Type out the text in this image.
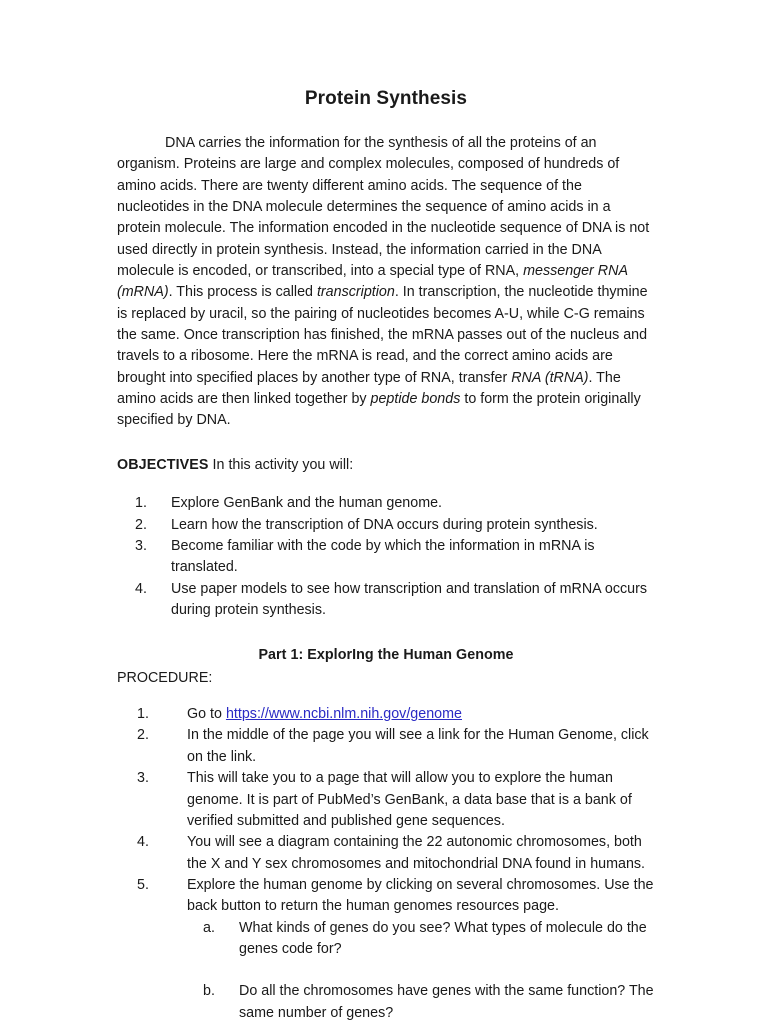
Protein Synthesis

DNA carries the information for the synthesis of all the proteins of an organism. Proteins are large and complex molecules, composed of hundreds of amino acids. There are twenty different amino acids. The sequence of the nucleotides in the DNA molecule determines the sequence of amino acids in a protein molecule. The information encoded in the nucleotide sequence of DNA is not used directly in protein synthesis. Instead, the information carried in the DNA molecule is encoded, or transcribed, into a special type of RNA, messenger RNA (mRNA). This process is called transcription. In transcription, the nucleotide thymine is replaced by uracil, so the pairing of nucleotides becomes A-U, while C-G remains the same. Once transcription has finished, the mRNA passes out of the nucleus and travels to a ribosome. Here the mRNA is read, and the correct amino acids are brought into specified places by another type of RNA, transfer RNA (tRNA). The amino acids are then linked together by peptide bonds to form the protein originally specified by DNA.

OBJECTIVES In this activity you will:

1.	Explore GenBank and the human genome.
2.	Learn how the transcription of DNA occurs during protein synthesis.
3.	Become familiar with the code by which the information in mRNA is translated.
4.	Use paper models to see how transcription and translation of mRNA occurs during protein synthesis.
Part 1: ExplorIng the Human Genome

PROCEDURE:

1.	Go to https://www.ncbi.nlm.nih.gov/genome
2.	In the middle of the page you will see a link for the Human Genome, click on the link.
3.	This will take you to a page that will allow you to explore the human genome. It is part of PubMed’s GenBank, a data base that is a bank of verified submitted and published gene sequences.
4.	You will see a diagram containing the 22 autonomic chromosomes, both the X and Y sex chromosomes and mitochondrial DNA found in humans.
5.	Explore the human genome by clicking on several chromosomes. Use the back button to return the human genomes resources page.
a.	What kinds of genes do you see? What types of molecule do the genes code for?
b.	Do all the chromosomes have genes with the same function? The same number of genes?
